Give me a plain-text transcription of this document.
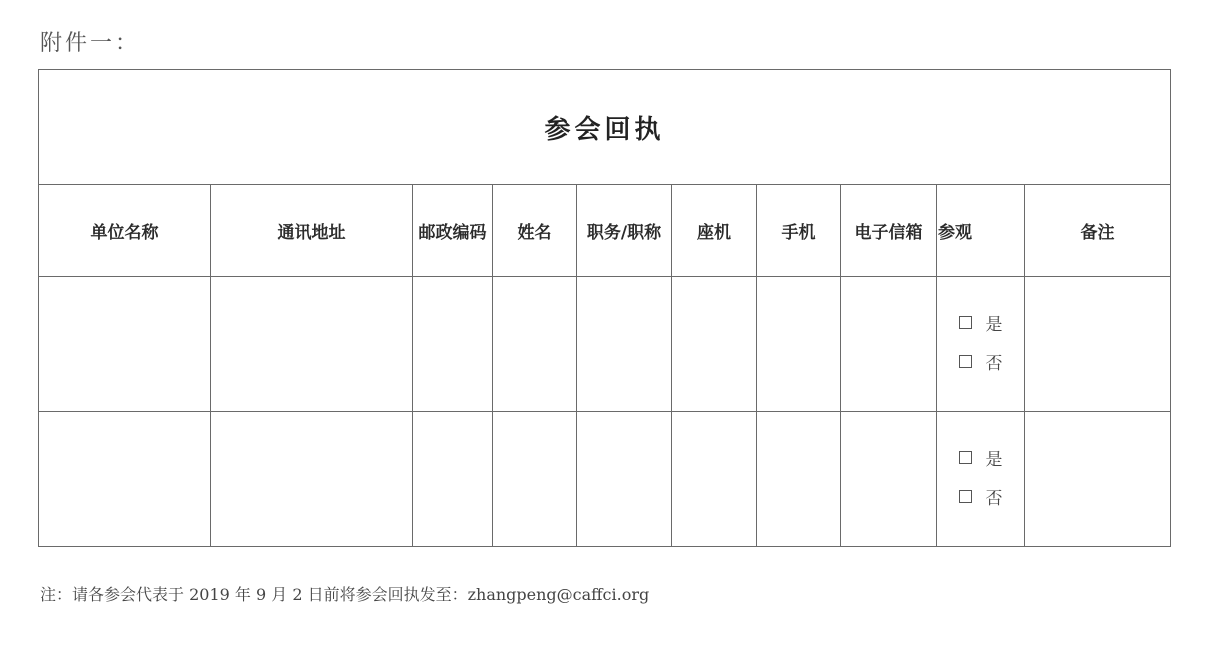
附件一：
参会回执									
单位名称	通讯地址	邮政编码	姓名	职务/职称	座机	手机	电子信箱	参观	备注

								是
否	

								是
否	

注：请各参会代表于 2019 年 9 月 2 日前将参会回执发至：zhangpeng@caffci.org
